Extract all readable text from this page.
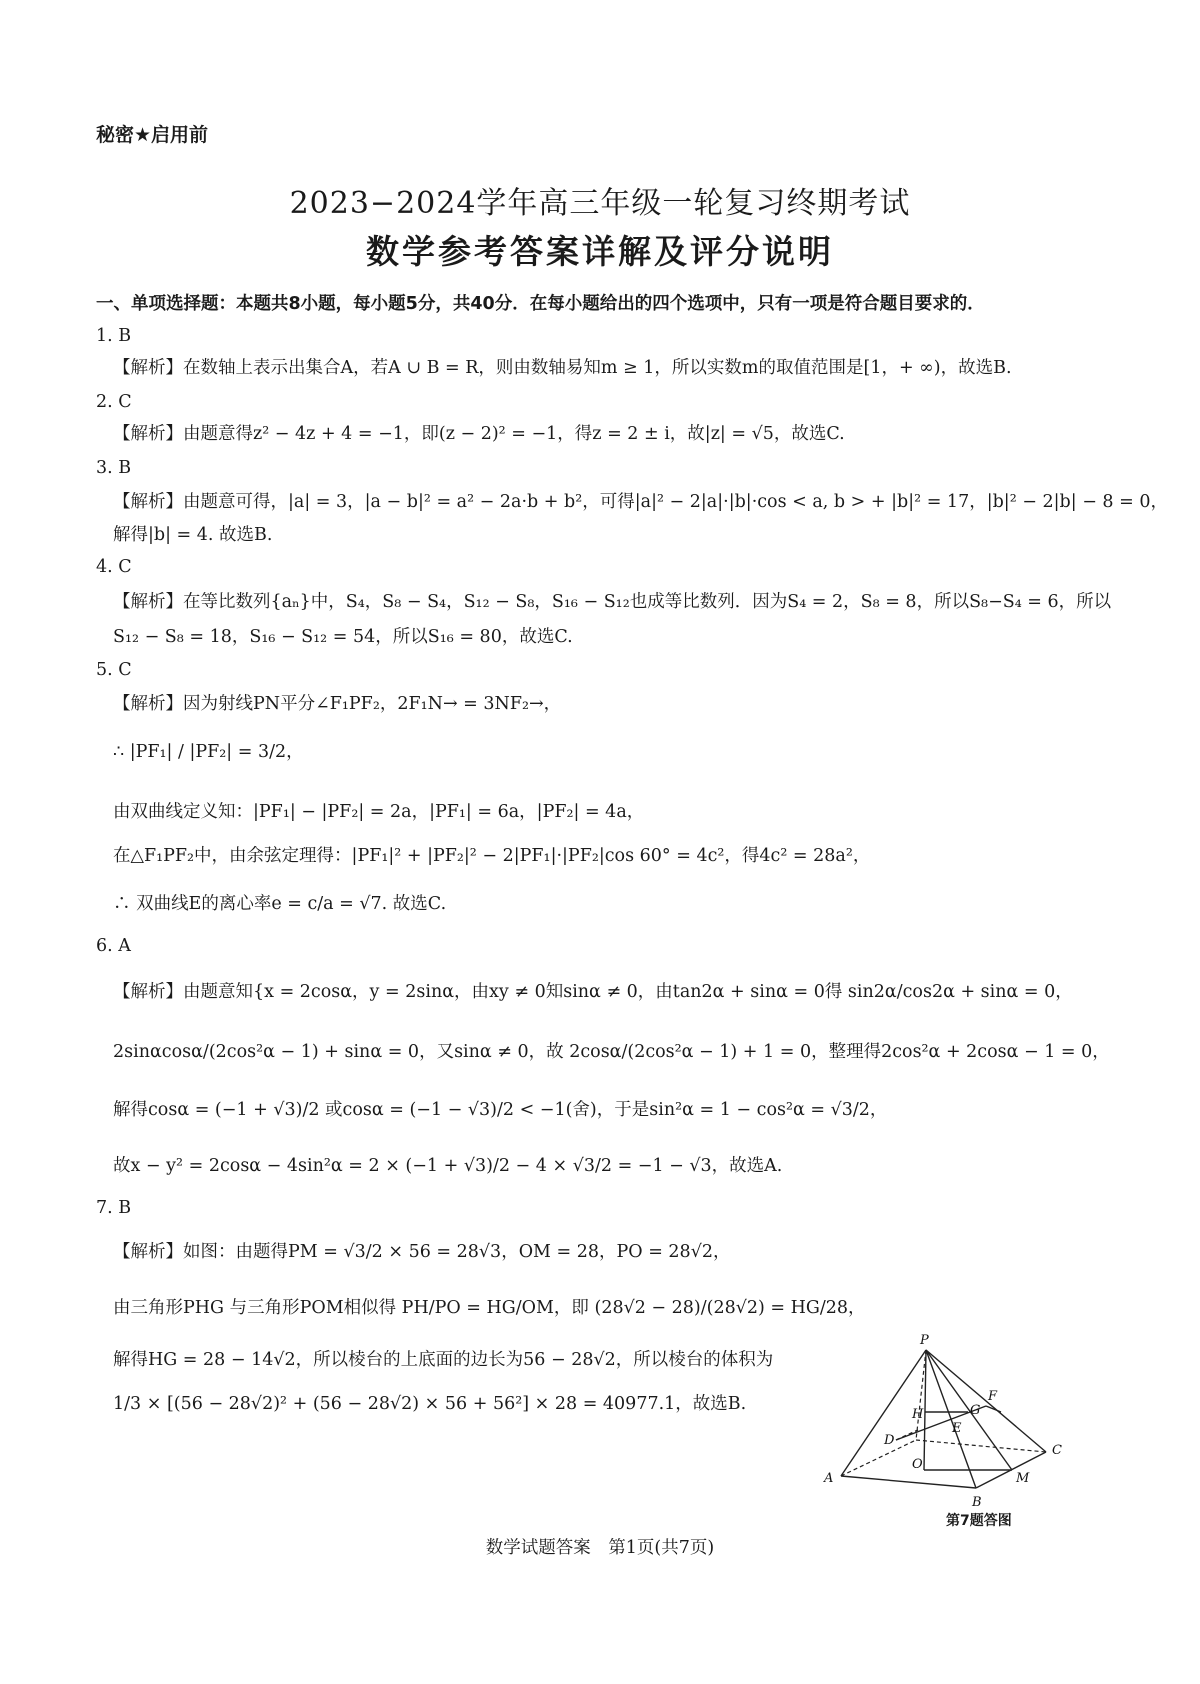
秘密★启用前
2023−2024学年高三年级一轮复习终期考试
数学参考答案详解及评分说明
一、单项选择题：本题共8小题，每小题5分，共40分．在每小题给出的四个选项中，只有一项是符合题目要求的．
1. B
【解析】在数轴上表示出集合A，若A ∪ B = R，则由数轴易知m ≥ 1，所以实数m的取值范围是[1，+ ∞)，故选B.
2. C
【解析】由题意得z² − 4z + 4 = −1，即(z − 2)² = −1，得z = 2 ± i，故|z| = √5，故选C.
3. B
【解析】由题意可得，|a| = 3，|a − b|² = a² − 2a·b + b²，可得|a|² − 2|a|·|b|·cos < a, b > + |b|² = 17，|b|² − 2|b| − 8 = 0，
解得|b| = 4. 故选B.
4. C
【解析】在等比数列{aₙ}中，S₄，S₈ − S₄，S₁₂ − S₈，S₁₆ − S₁₂也成等比数列．因为S₄ = 2，S₈ = 8，所以S₈−S₄ = 6，所以
S₁₂ − S₈ = 18，S₁₆ − S₁₂ = 54，所以S₁₆ = 80，故选C.
5. C
【解析】因为射线PN平分∠F₁PF₂，2F₁N→ = 3NF₂→，
∴ |PF₁| / |PF₂| = 3/2，
由双曲线定义知：|PF₁| − |PF₂| = 2a，|PF₁| = 6a，|PF₂| = 4a，
在△F₁PF₂中，由余弦定理得：|PF₁|² + |PF₂|² − 2|PF₁|·|PF₂|cos 60° = 4c²，得4c² = 28a²，
∴ 双曲线E的离心率e = c/a = √7. 故选C.
6. A
【解析】由题意知{x = 2cosα，y = 2sinα，由xy ≠ 0知sinα ≠ 0，由tan2α + sinα = 0得 sin2α/cos2α + sinα = 0，
2sinαcosα/(2cos²α − 1) + sinα = 0，又sinα ≠ 0，故 2cosα/(2cos²α − 1) + 1 = 0，整理得2cos²α + 2cosα − 1 = 0，
解得cosα = (−1 + √3)/2 或cosα = (−1 − √3)/2 < −1(舍)，于是sin²α = 1 − cos²α = √3/2，
故x − y² = 2cosα − 4sin²α = 2 × (−1 + √3)/2 − 4 × √3/2 = −1 − √3，故选A.
7. B
【解析】如图：由题得PM = √3/2 × 56 = 28√3，OM = 28，PO = 28√2，
由三角形PHG 与三角形POM相似得 PH/PO = HG/OM，即 (28√2 − 28)/(28√2) = HG/28，
解得HG = 28 − 14√2，所以棱台的上底面的边长为56 − 28√2，所以棱台的体积为
1/3 × [(56 − 28√2)² + (56 − 28√2) × 56 + 56²] × 28 = 40977.1，故选B.
P
A
B
C
D
M
O
H
E
G
F
第7题答图
数学试题答案　第1页(共7页)
